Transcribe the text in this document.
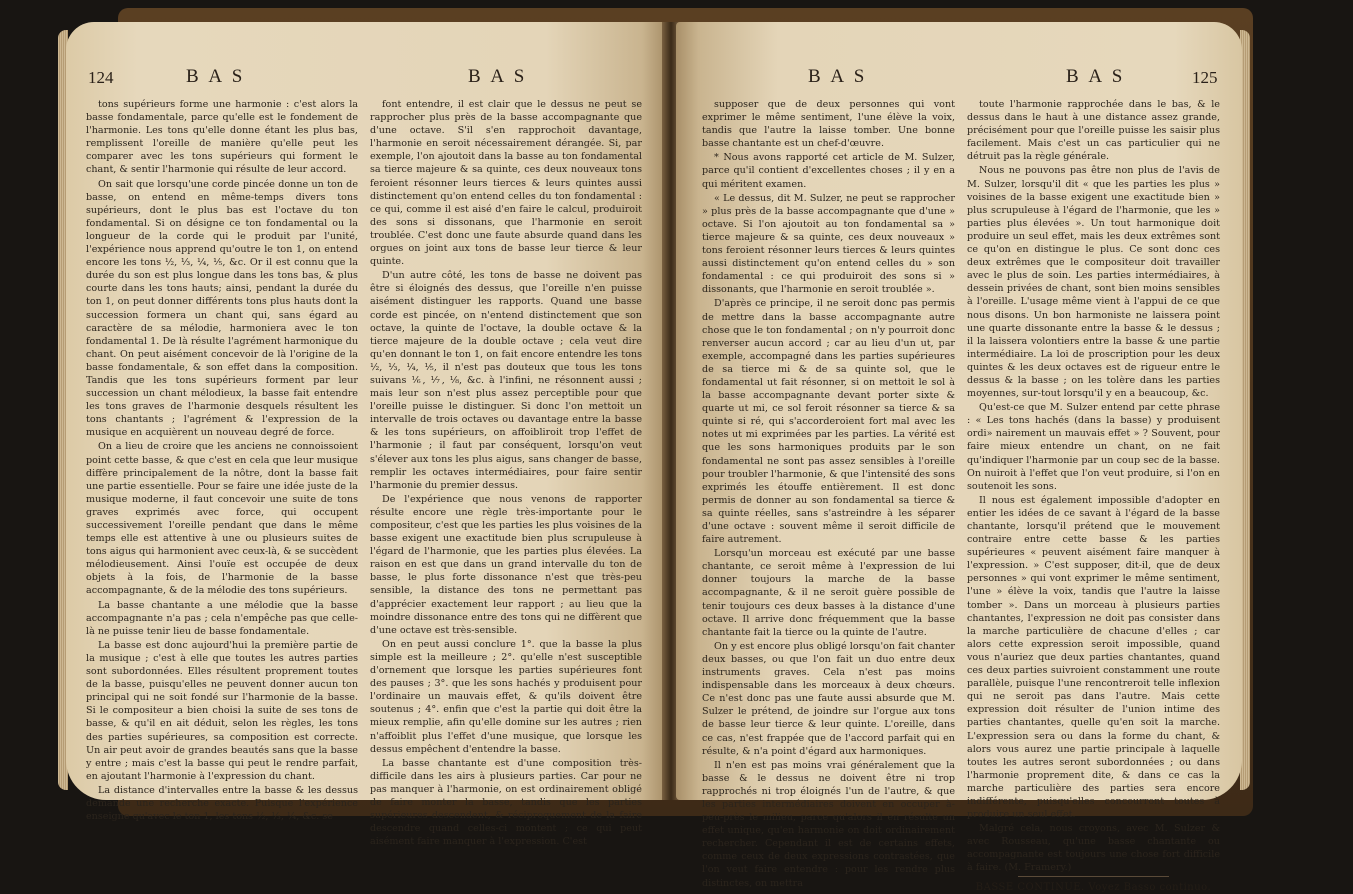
124	B A S	B A S

tons supérieurs forme une harmonie : c'est alors la basse fondamentale, parce qu'elle est le fondement de l'harmonie. Les tons qu'elle donne étant les plus bas, remplissent l'oreille de manière qu'elle peut les comparer avec les tons supérieurs qui forment le chant, & sentir l'harmonie qui résulte de leur accord.

On sait que lorsqu'une corde pincée donne un ton de basse, on entend en même-temps divers tons supérieurs, dont le plus bas est l'octave du ton fondamental. Si on désigne ce ton fondamental ou la longueur de la corde qui le produit par l'unité, l'expérience nous apprend qu'outre le ton 1, on entend encore les tons ½, ⅓, ¼, ⅕, &c. Or il est connu que la durée du son est plus longue dans les tons bas, & plus courte dans les tons hauts; ainsi, pendant la durée du ton 1, on peut donner différents tons plus hauts dont la succession formera un chant qui, sans égard au caractère de sa mélodie, harmoniera avec le ton fondamental 1. De là résulte l'agrément harmonique du chant. On peut aisément concevoir de là l'origine de la basse fondamentale, & son effet dans la composition. Tandis que les tons supérieurs forment par leur succession un chant mélodieux, la basse fait entendre les tons graves de l'harmonie desquels résultent les tons chantants ; l'agrément & l'expression de la musique en acquièrent un nouveau degré de force.

On a lieu de croire que les anciens ne connoissoient point cette basse, & que c'est en cela que leur musique diffère principalement de la nôtre, dont la basse fait une partie essentielle. Pour se faire une idée juste de la musique moderne, il faut concevoir une suite de tons graves exprimés avec force, qui occupent successivement l'oreille pendant que dans le même temps elle est attentive à une ou plusieurs suites de tons aigus qui harmonient avec ceux-là, & se succèdent mélodieusement. Ainsi l'ouïe est occupée de deux objets à la fois, de l'harmonie de la basse accompagnante, & de la mélodie des tons supérieurs.

La basse chantante a une mélodie que la basse accompagnante n'a pas ; cela n'empêche pas que celle-là ne puisse tenir lieu de basse fondamentale.

La basse est donc aujourd'hui la première partie de la musique ; c'est à elle que toutes les autres parties sont subordonnées. Elles résultent proprement toutes de la basse, puisqu'elles ne peuvent donner aucun ton principal qui ne soit fondé sur l'harmonie de la basse. Si le compositeur a bien choisi la suite de ses tons de basse, & qu'il en ait déduit, selon les règles, les tons des parties supérieures, sa composition est correcte. Un air peut avoir de grandes beautés sans que la basse y entre ; mais c'est la basse qui peut le rendre parfait, en ajoutant l'harmonie à l'expression du chant.

La distance d'intervalles entre la basse & les dessus demande une recherche exacte. Puisque l'expérience enseigne qu'avec le ton 1, les tons ½, ⅓, ¼, &c. se

font entendre, il est clair que le dessus ne peut se rapprocher plus près de la basse accompagnante que d'une octave. S'il s'en rapprochoit davantage, l'harmonie en seroit nécessairement dérangée. Si, par exemple, l'on ajoutoit dans la basse au ton fondamental sa tierce majeure & sa quinte, ces deux nouveaux tons feroient résonner leurs tierces & leurs quintes aussi distinctement qu'on entend celles du ton fondamental : ce qui, comme il est aisé d'en faire le calcul, produiroit des sons si dissonans, que l'harmonie en seroit troublée. C'est donc une faute absurde quand dans les orgues on joint aux tons de basse leur tierce & leur quinte.

D'un autre côté, les tons de basse ne doivent pas être si éloignés des dessus, que l'oreille n'en puisse aisément distinguer les rapports. Quand une basse corde est pincée, on n'entend distinctement que son octave, la quinte de l'octave, la double octave & la tierce majeure de la double octave ; cela veut dire qu'en donnant le ton 1, on fait encore entendre les tons ½, ⅓, ¼, ⅕, il n'est pas douteux que tous les tons suivans ⅙, ⅐, ⅛, &c. à l'infini, ne résonnent aussi ; mais leur son n'est plus assez perceptible pour que l'oreille puisse le distinguer. Si donc l'on mettoit un intervalle de trois octaves ou davantage entre la basse & les tons supérieurs, on affoibliroit trop l'effet de l'harmonie ; il faut par conséquent, lorsqu'on veut s'élever aux tons les plus aigus, sans changer de basse, remplir les octaves intermédiaires, pour faire sentir l'harmonie du premier dessus.

De l'expérience que nous venons de rapporter résulte encore une règle très-importante pour le compositeur, c'est que les parties les plus voisines de la basse exigent une exactitude bien plus scrupuleuse à l'égard de l'harmonie, que les parties plus élevées. La raison en est que dans un grand intervalle du ton de basse, le plus forte dissonance n'est que très-peu sensible, la distance des tons ne permettant pas d'apprécier exactement leur rapport ; au lieu que la moindre dissonance entre des tons qui ne diffèrent que d'une octave est très-sensible.

On en peut aussi conclure 1°. que la basse la plus simple est la meilleure ; 2°. qu'elle n'est susceptible d'ornement que lorsque les parties supérieures font des pauses ; 3°. que les sons hachés y produisent pour l'ordinaire un mauvais effet, & qu'ils doivent être soutenus ; 4°. enfin que c'est la partie qui doit être la mieux remplie, afin qu'elle domine sur les autres ; rien n'affoiblit plus l'effet d'une musique, que lorsque les dessus empêchent d'entendre la basse.

La basse chantante est d'une composition très-difficile dans les airs à plusieurs parties. Car pour ne pas manquer à l'harmonie, on est ordinairement obligé de faire monter la basse, tandis que les parties supérieures descendent, & réciproquement de la faire descendre quand celles-ci montent ; ce qui peut aisément faire manquer à l'expression. C'est

B A S	B A S	125

supposer que de deux personnes qui vont exprimer le même sentiment, l'une élève la voix, tandis que l'autre la laisse tomber. Une bonne basse chantante est un chef-d'œuvre.

* Nous avons rapporté cet article de M. Sulzer, parce qu'il contient d'excellentes choses ; il y en a qui méritent examen.

« Le dessus, dit M. Sulzer, ne peut se rapprocher » plus près de la basse accompagnante que d'une » octave. Si l'on ajoutoit au ton fondamental sa » tierce majeure & sa quinte, ces deux nouveaux » tons feroient résonner leurs tierces & leurs quintes aussi distinctement qu'on entend celles du » son fondamental : ce qui produiroit des sons si » dissonants, que l'harmonie en seroit troublée ».

D'après ce principe, il ne seroit donc pas permis de mettre dans la basse accompagnante autre chose que le ton fondamental ; on n'y pourroit donc renverser aucun accord ; car au lieu d'un ut, par exemple, accompagné dans les parties supérieures de sa tierce mi & de sa quinte sol, que le fondamental ut fait résonner, si on mettoit le sol à la basse accompagnante devant porter sixte & quarte ut mi, ce sol feroit résonner sa tierce & sa quinte si ré, qui s'accorderoient fort mal avec les notes ut mi exprimées par les parties. La vérité est que les sons harmoniques produits par le son fondamental ne sont pas assez sensibles à l'oreille pour troubler l'harmonie, & que l'intensité des sons exprimés les étouffe entièrement. Il est donc permis de donner au son fondamental sa tierce & sa quinte réelles, sans s'astreindre à les séparer d'une octave : souvent même il seroit difficile de faire autrement.

Lorsqu'un morceau est exécuté par une basse chantante, ce seroit même à l'expression de lui donner toujours la marche de la basse accompagnante, & il ne seroit guère possible de tenir toujours ces deux basses à la distance d'une octave. Il arrive donc fréquemment que la basse chantante fait la tierce ou la quinte de l'autre.

On y est encore plus obligé lorsqu'on fait chanter deux basses, ou que l'on fait un duo entre deux instruments graves. Cela n'est pas moins indispensable dans les morceaux à deux chœurs. Ce n'est donc pas une faute aussi absurde que M. Sulzer le prétend, de joindre sur l'orgue aux tons de basse leur tierce & leur quinte. L'oreille, dans ce cas, n'est frappée que de l'accord parfait qui en résulte, & n'a point d'égard aux harmoniques.

Il n'en est pas moins vrai généralement que la basse & le dessus ne doivent être ni trop rapprochés ni trop éloignés l'un de l'autre, & que les parties intermédiaires doivent en occuper à-peu-près le milieu, parce qu'alors il en résulte un effet unique, qu'en harmonie on doit ordinairement rechercher. Cependant il est de certains effets, comme ceux de deux expressions contrastées, que l'on veut faire entendre : pour les rendre plus distinctes, on mettra

toute l'harmonie rapprochée dans le bas, & le dessus dans le haut à une distance assez grande, précisément pour que l'oreille puisse les saisir plus facilement. Mais c'est un cas particulier qui ne détruit pas la règle générale.

Nous ne pouvons pas être non plus de l'avis de M. Sulzer, lorsqu'il dit « que les parties les plus » voisines de la basse exigent une exactitude bien » plus scrupuleuse à l'égard de l'harmonie, que les » parties plus élevées ». Un tout harmonique doit produire un seul effet, mais les deux extrêmes sont ce qu'on en distingue le plus. Ce sont donc ces deux extrêmes que le compositeur doit travailler avec le plus de soin. Les parties intermédiaires, à dessein privées de chant, sont bien moins sensibles à l'oreille. L'usage même vient à l'appui de ce que nous disons. Un bon harmoniste ne laissera point une quarte dissonante entre la basse & le dessus ; il la laissera volontiers entre la basse & une partie intermédiaire. La loi de proscription pour les deux quintes & les deux octaves est de rigueur entre le dessus & la basse ; on les tolère dans les parties moyennes, sur-tout lorsqu'il y en a beaucoup, &c.

Qu'est-ce que M. Sulzer entend par cette phrase : « Les tons hachés (dans la basse) y produisent ordi» nairement un mauvais effet » ? Souvent, pour faire mieux entendre un chant, on ne fait qu'indiquer l'harmonie par un coup sec de la basse. On nuiroit à l'effet que l'on veut produire, si l'on en soutenoit les sons.

Il nous est également impossible d'adopter en entier les idées de ce savant à l'égard de la basse chantante, lorsqu'il prétend que le mouvement contraire entre cette basse & les parties supérieures « peuvent aisément faire manquer à l'expression. » C'est supposer, dit-il, que de deux personnes » qui vont exprimer le même sentiment, l'une » élève la voix, tandis que l'autre la laisse tomber ». Dans un morceau à plusieurs parties chantantes, l'expression ne doit pas consister dans la marche particulière de chacune d'elles ; car alors cette expression seroit impossible, quand vous n'auriez que deux parties chantantes, quand ces deux parties suivroient constamment une route parallèle, puisque l'une rencontreroit telle inflexion qui ne seroit pas dans l'autre. Mais cette expression doit résulter de l'union intime des parties chantantes, quelle qu'en soit la marche. L'expression sera ou dans la forme du chant, & alors vous aurez une partie principale à laquelle toutes les autres seront subordonnées ; ou dans l'harmonie proprement dite, & dans ce cas la marche particulière des parties sera encore indifférente, puisqu'elles concourront toutes à produire un seul effet.

Malgré cela, nous croyons, avec M. Sulzer & avec Rousseau, qu'une basse chantante ou accompagnante est toujours une chose fort difficile à faire. (M. Framery.)

BASSE CONTINUE. Voyez Basso continuo.
